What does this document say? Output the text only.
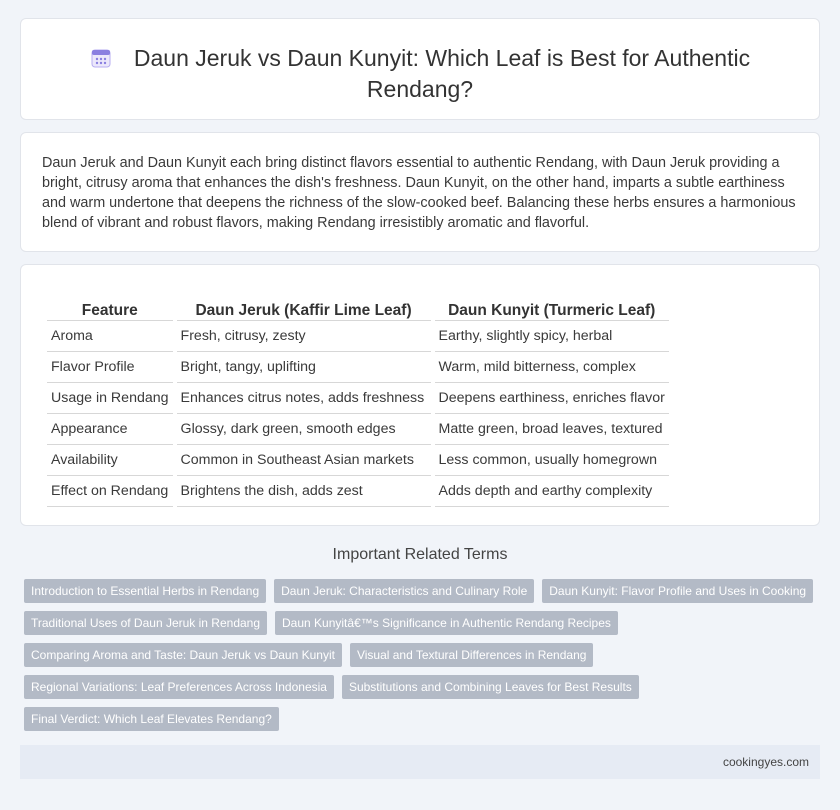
Daun Jeruk vs Daun Kunyit: Which Leaf is Best for Authentic Rendang?

Daun Jeruk and Daun Kunyit each bring distinct flavors essential to authentic Rendang, with Daun Jeruk providing a bright, citrusy aroma that enhances the dish's freshness. Daun Kunyit, on the other hand, imparts a subtle earthiness and warm undertone that deepens the richness of the slow-cooked beef. Balancing these herbs ensures a harmonious blend of vibrant and robust flavors, making Rendang irresistibly aromatic and flavorful.

Feature	Daun Jeruk (Kaffir Lime Leaf)	Daun Kunyit (Turmeric Leaf)
Aroma	Fresh, citrusy, zesty	Earthy, slightly spicy, herbal
Flavor Profile	Bright, tangy, uplifting	Warm, mild bitterness, complex
Usage in Rendang	Enhances citrus notes, adds freshness	Deepens earthiness, enriches flavor
Appearance	Glossy, dark green, smooth edges	Matte green, broad leaves, textured
Availability	Common in Southeast Asian markets	Less common, usually homegrown
Effect on Rendang	Brightens the dish, adds zest	Adds depth and earthy complexity
Important Related Terms
Introduction to Essential Herbs in Rendang	Daun Jeruk: Characteristics and Culinary Role	Daun Kunyit: Flavor Profile and Uses in Cooking
Traditional Uses of Daun Jeruk in Rendang	Daun Kunyitâ€™s Significance in Authentic Rendang Recipes
Comparing Aroma and Taste: Daun Jeruk vs Daun Kunyit	Visual and Textural Differences in Rendang
Regional Variations: Leaf Preferences Across Indonesia	Substitutions and Combining Leaves for Best Results
Final Verdict: Which Leaf Elevates Rendang?
cookingyes.com
